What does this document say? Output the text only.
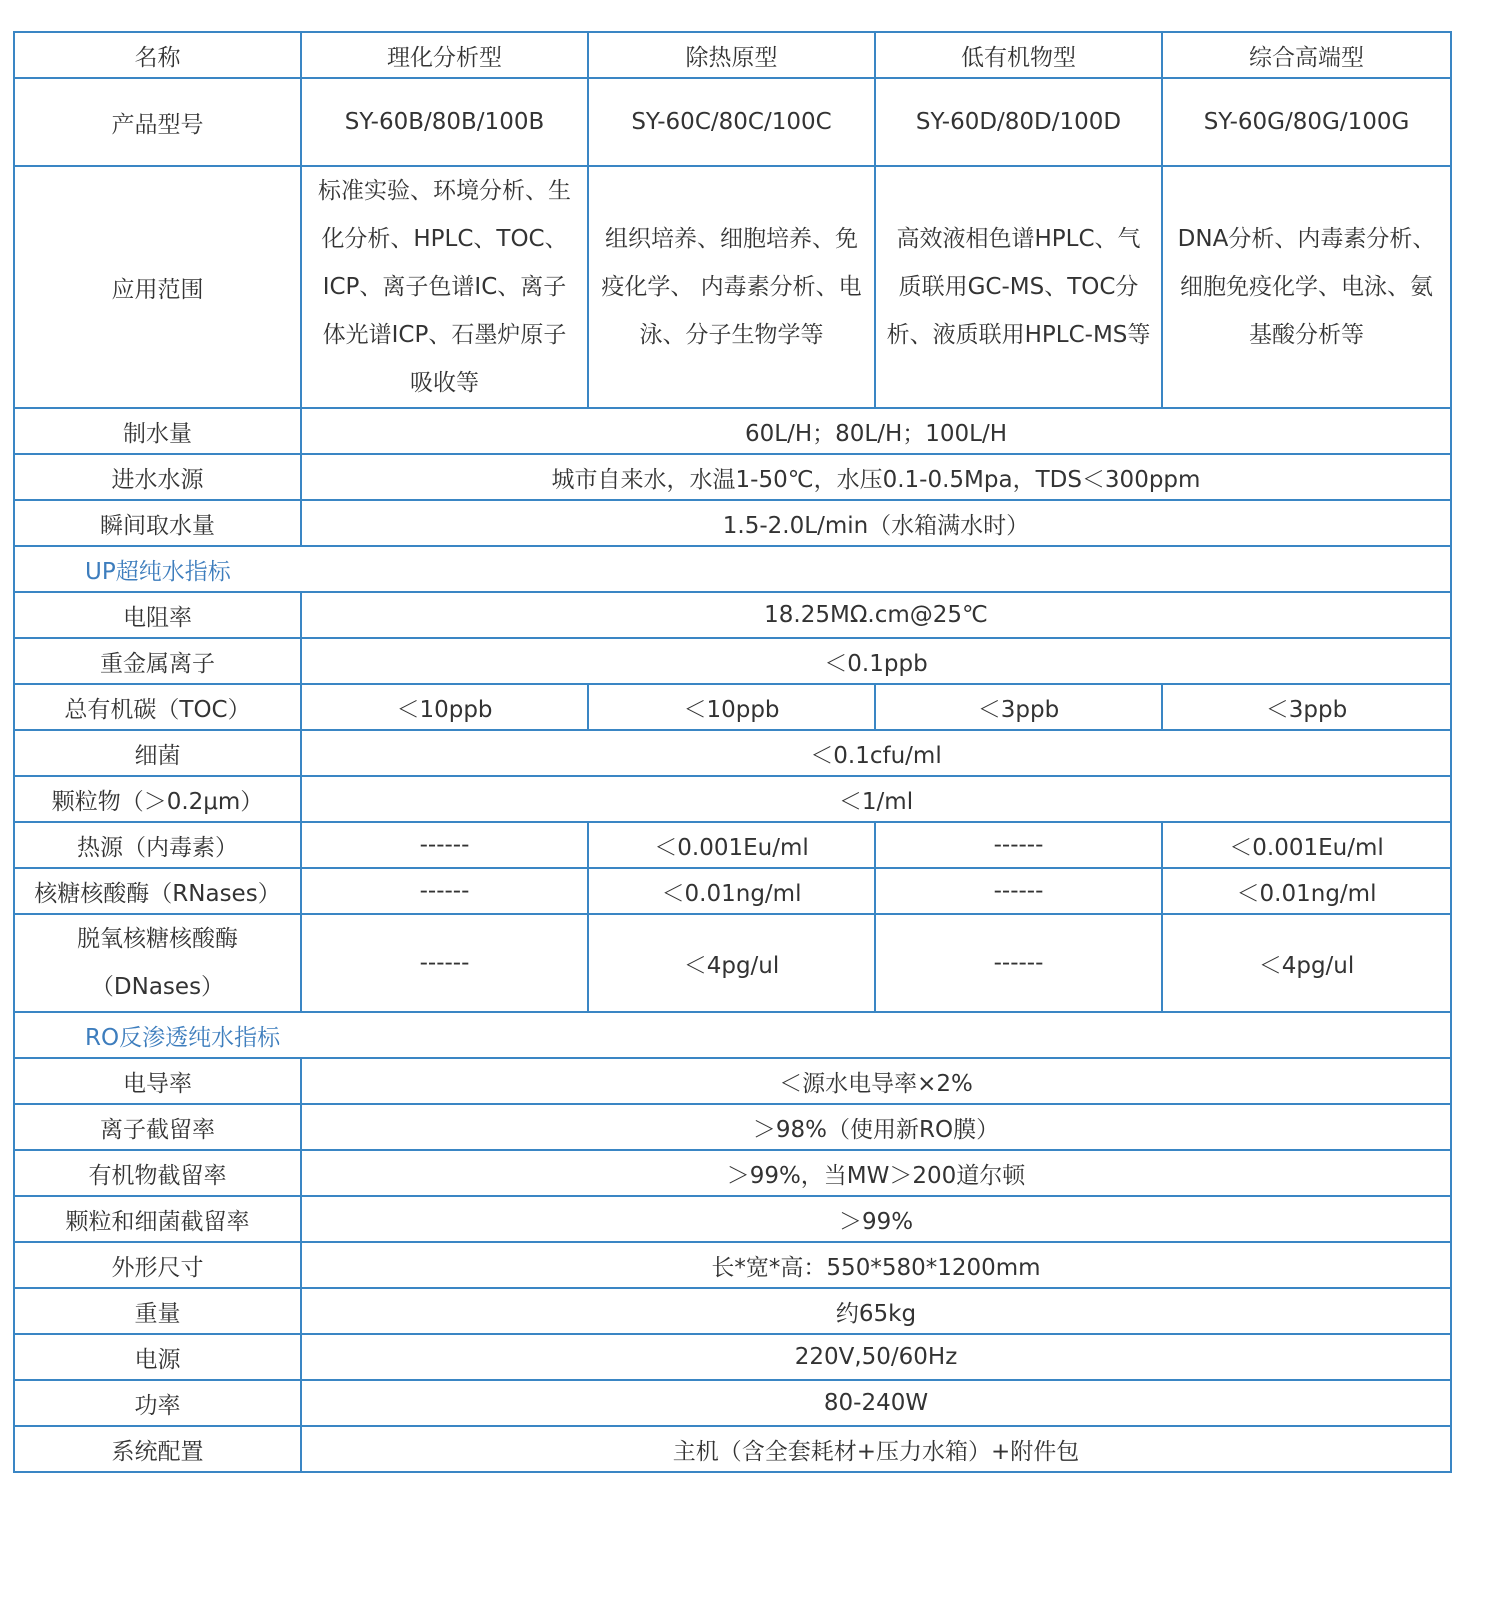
名称	理化分析型	除热原型	低有机物型	综合高端型
产品型号	SY-60B/80B/100B	SY-60C/80C/100C	SY-60D/80D/100D	SY-60G/80G/100G
应用范围	标准实验、环境分析、生化分析、HPLC、TOC、ICP、离子色谱IC、离子体光谱ICP、石墨炉原子吸收等	组织培养、细胞培养、免疫化学、 内毒素分析、电泳、分子生物学等	高效液相色谱HPLC、气质联用GC-MS、TOC分析、液质联用HPLC-MS等	DNA分析、内毒素分析、细胞免疫化学、电泳、氨基酸分析等
制水量	60L/H；80L/H；100L/H			
进水水源	城市自来水，水温1-50℃，水压0.1-0.5Mpa，TDS＜300ppm			
瞬间取水量	1.5-2.0L/min（水箱满水时）			
UP超纯水指标				
电阻率	18.25MΩ.cm@25℃			
重金属离子	＜0.1ppb			
总有机碳（TOC）	＜10ppb	＜10ppb	＜3ppb	＜3ppb
细菌	＜0.1cfu/ml			
颗粒物（＞0.2μm）	＜1/ml			
热源（内毒素）	------	＜0.001Eu/ml	------	＜0.001Eu/ml
核糖核酸酶（RNases）	------	＜0.01ng/ml	------	＜0.01ng/ml
脱氧核糖核酸酶（DNases）	------	＜4pg/ul	------	＜4pg/ul
RO反渗透纯水指标				
电导率	＜源水电导率×2%			
离子截留率	＞98%（使用新RO膜）			
有机物截留率	＞99%，当MW＞200道尔顿			
颗粒和细菌截留率	＞99%			
外形尺寸	长*宽*高：550*580*1200mm			
重量	约65kg			
电源	220V,50/60Hz			
功率	80-240W			
系统配置	主机（含全套耗材+压力水箱）+附件包			
